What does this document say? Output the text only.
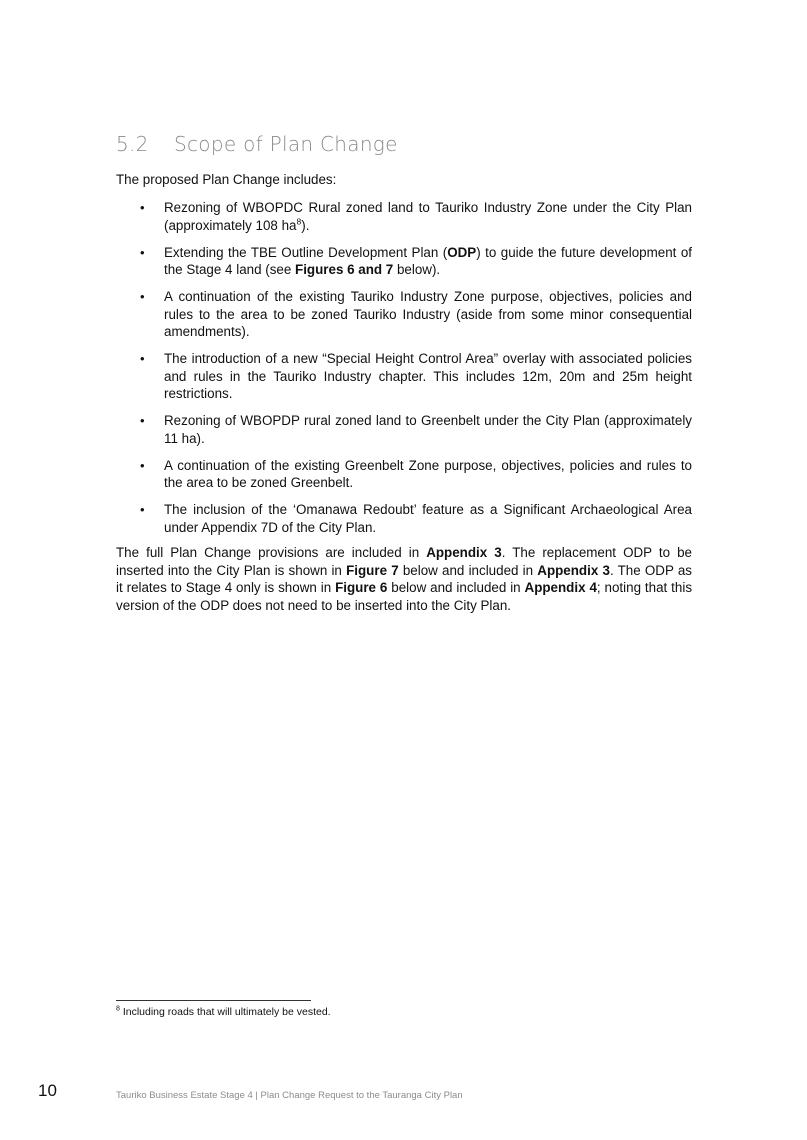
5.2	Scope of Plan Change
The proposed Plan Change includes:
• Rezoning of WBOPDC Rural zoned land to Tauriko Industry Zone under the City Plan (approximately 108 $ha^8$).
• Extending the TBE Outline Development Plan (ODP) to guide the future development of the Stage 4 land (see Figures 6 and 7 below).
• A continuation of the existing Tauriko Industry Zone purpose, objectives, policies and rules to the area to be zoned Tauriko Industry (aside from some minor consequential amendments).
• The introduction of a new “Special Height Control Area” overlay with associated policies and rules in the Tauriko Industry chapter. This includes 12m, 20m and 25m height restrictions.
• Rezoning of WBOPDP rural zoned land to Greenbelt under the City Plan (approximately 11 ha).
• A continuation of the existing Greenbelt Zone purpose, objectives, policies and rules to the area to be zoned Greenbelt.
• The inclusion of the ‘Omanawa Redoubt’ feature as a Significant Archaeological Area under Appendix 7D of the City Plan.

The full Plan Change provisions are included in Appendix 3. The replacement ODP to be inserted into the City Plan is shown in Figure 7 below and included in Appendix 3. The ODP as it relates to Stage 4 only is shown in Figure 6 below and included in Appendix 4; noting that this version of the ODP does not need to be inserted into the City Plan.

$^8$ Including roads that will ultimately be vested.
10	Tauriko Business Estate Stage 4 | Plan Change Request to the Tauranga City Plan
